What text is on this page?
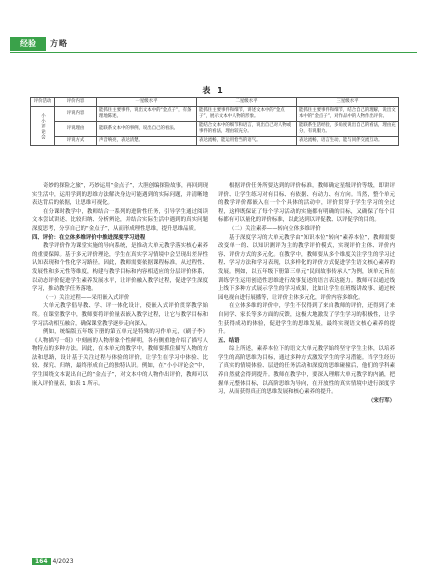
经验	方略
表 1
评价活动	评价内容	一星级水平	二星级水平	三星级水平
小小评论会	评说内容	能抓住主要事件，说出文本中的“金点子”，有条理地陈述。	能抓住主要事件和细节，讲述文本中的“金点子”，展示文本中人物的形象。	能抓住主要事件和细节，结合自己的理解，说出文本中的“金点子”，对作品中的人物作出评价。
	评说理由	能联系文本中的事例，说出自己的看法。	能结合文本中的细节和语言，说出自己对人物或事件的看法，理由较充分。	能联系生活经验，多角度说出自己的看法，理由充分，有说服力。
	评说方式	声音响亮，表达清楚。	表达流畅，能运用恰当的语气。	表达流畅，语言生动，能与同伴交流互动。

奇妙的探险之旅”，巧妙运用“金点子”，大胆创编探险故事，再回到现实生活中，运用学到的思维方法解决身边可能遇到的实际问题，并清晰地表达背后的依据，让思维可视化。

在分课时教学中，教师结合一系列的进阶性任务，引导学生通过阅读文本尝试讲述、比较归纳、分析辨论，并结合实际生活中遇到的真实问题深度思考，分享自己的“金点子”，从而形成理性思维，提升思维品质。

四、评价：在立体多维评价中推进深度学习进程

教学评价作为课堂实施的导向系统，是推动大单元教学落实核心素养的重要保障。基于多元评价理论，学生在真实学习情境中会呈现出差异性认知表现和个性化学习路径。因此，教师需要依据课程标准，从过程性、发展性和多元性等维度，构建与教学目标和内容相适应的分层评价体系，以动态评价促进学生素养发展水平，让评价融入教学过程，促进学生深度学习，推动教学任务落地。

（一）关注过程——采用嵌入式评价

大单元教学倡导教、学、评一体化设计，使嵌入式评价贯穿教学始终。在课堂教学中，教师要将评价量表嵌入教学过程，让它与教学目标和学习活动相互融合，确保课堂教学逐步走向深入。

例如，统编版五年级下册的第五单元是特殊的习作单元，《刷子李》《人物描写一组》中刻画的人物形象个性鲜明，各有侧重地介绍了描写人物特点的多种方法。因此，在本单元的教学中，教师要抓住描写人物的方法和思路，设计基于关注过程与体验的评价，让学生在学习中体验、比较、探究、归纳，最终形成自己的独特认识。例如，在“小小评论会”中，学生围绕文本说出自己的“金点子”，对文本中的人物作出评价，教师可以嵌入评价量表，如表 1 所示。

根据评价任务所要达到的评价标准，教师确定星级评价等级，即讲评评价、让学生练习对有目标、有依据、有动力、有方向。当然，整个单元的教学评价都嵌入在一个个具体的活动中，评价贯穿于学生学习的全过程，这样既保证了每个学习活动的实施都有明确的目标，又确保了每个目标都有可以量化的评价标准，以此达到以评促教、以评促学的目的。

（二）关注素养——转向立体多维评价

基于深度学习的大单元教学由“知识本位”转向“素养本位”，教师需要改变单一的、以知识测评为主的教学评价模式，实现评价主体、评价内容、评价方式的多元化。在教学中，教师要从多个维度关注学生的学习过程、学习方法和学习表现，以多样化的评价方式促进学生语文核心素养的发展。例如，以五年级下册第三单元“民间故事传承人”为例，该单元旨在训练学生运用创造性思维进行故事复述的语言表达能力。教师可以通过线上线下多种方式展示学生的学习成果，比如让学生在班级讲故事、通过校园电视台进行展播等，让评价主体多元化，评价内容多维化。

在立体多维的评价中，学生不仅得到了来自教师的评价，还得到了来自同学、家长等多方面的反馈，这极大地激发了学生学习的积极性，让学生获得成功的体验，促进学生的思维发展，最终实现语文核心素养的提升。

五、结语

综上所述，素养本位下的语文大单元教学始终坚守学生主体，以培养学生的高阶思维为目标，通过多种方式激发学生的学习潜能。当学生经历了真实的情境体验、层进的任务活动和深度的思维碰撞后，他们的学科素养自然就会得到提升。教师在教学中，要深入理解大单元教学的内涵，把握单元整体目标，以高阶思维为导向，在开放性的真实情境中进行深度学习，从而获得真正的思维发展和核心素养的提升。

（宋行军）

164 4/2023
